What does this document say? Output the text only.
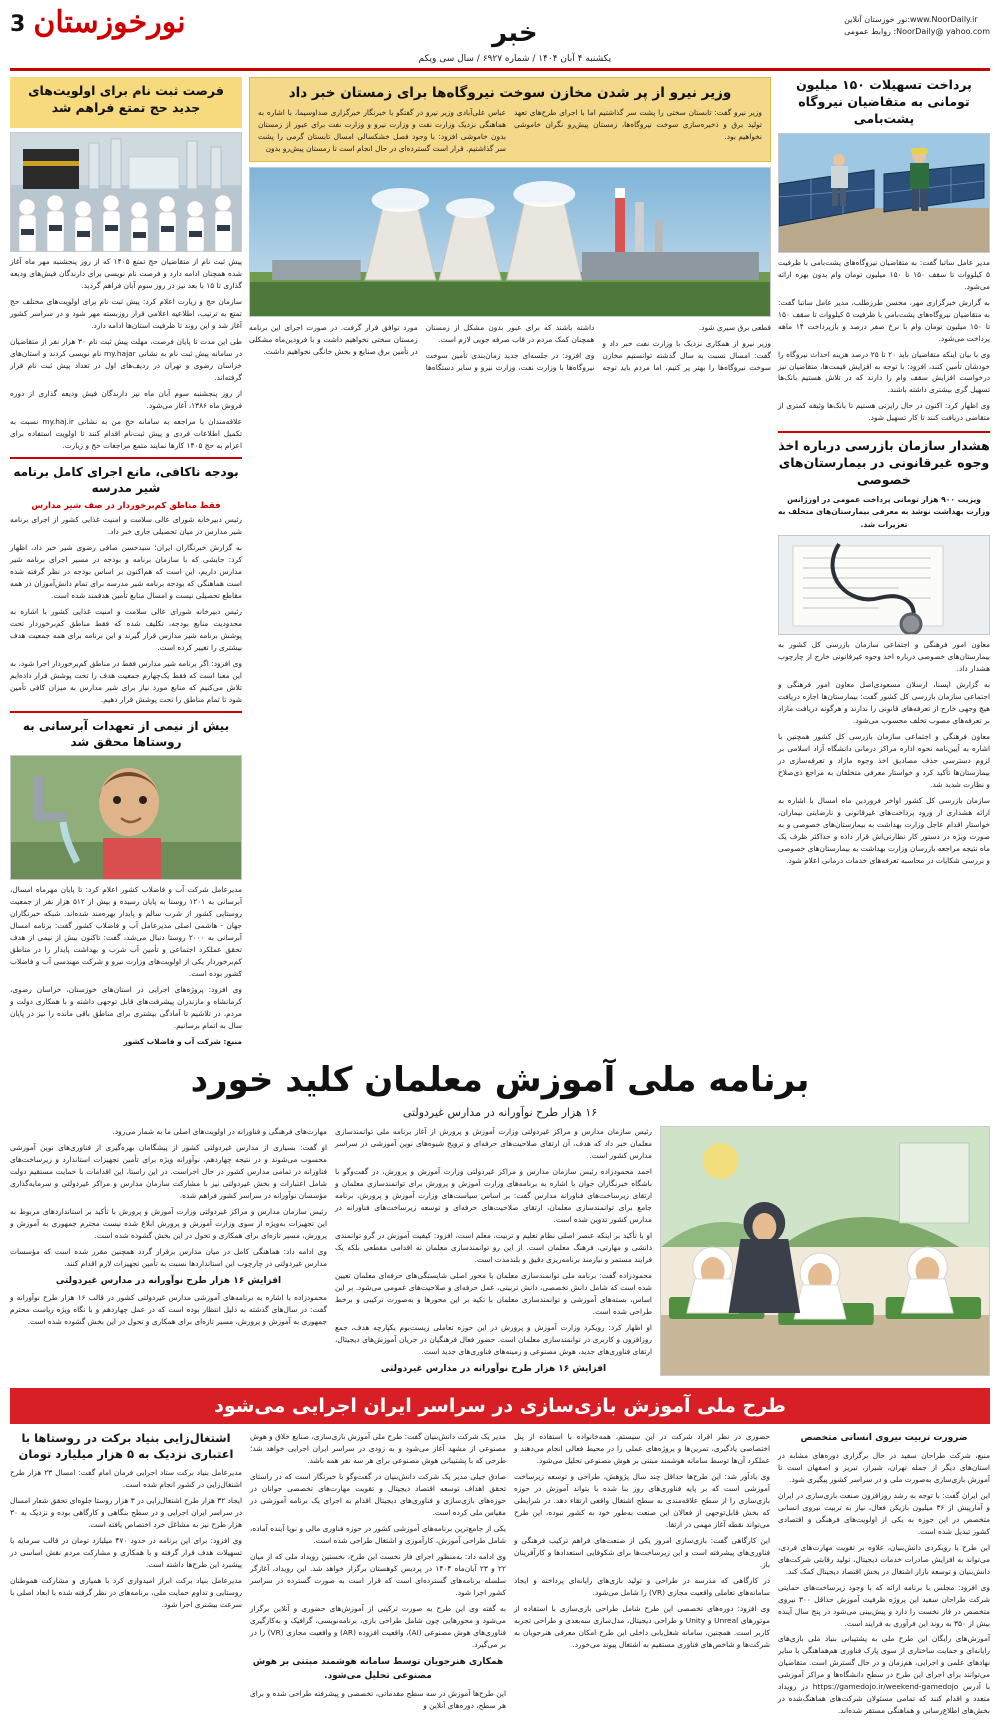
نور خوزستان آنلاین:www.NoorDaily.ir
روابط عمومی :NoorDaily@ yahoo.com
خبر
یکشنبه ۴ آبان ۱۴۰۴ / شماره ۶۹۲۷ / سال سی ویکم
نورخوزستان
3
وزیر نیرو از پر شدن مخازن سوخت نیروگاه‌ها برای زمستان خبر داد

وزیر نیرو گفت: تابستان سختی را پشت سر گذاشتیم اما با اجرای طرح‌های تعهد تولید برق و ذخیره‌سازی سوخت نیروگاه‌ها، زمستان پیش‌رو نگران خاموشی نخواهیم بود.

عباس علی‌آبادی وزیر نیرو در گفتگو با خبرنگار خبرگزاری صداوسیما، با اشاره به هماهنگی نزدیک وزارت نفت و وزارت نیرو و وزارت نفت برای عبور از زمستان بدون خاموشی افزود: با وجود فصل خشکسالی امسال تابستان گرمی را پشت سر گذاشتیم. قرار است گسترده‌ای در حال انجام است تا زمستان پیش‌رو بدون

قطعی برق سیری شود.

وزیر نیرو از همکاری نزدیک با وزارت نفت خبر داد و گفت: امسال نسبت به سال گذشته توانستیم مخازن سوخت نیروگاه‌ها را بهتر پر کنیم، اما مردم باید توجه داشته باشند که برای عبور بدون مشکل از زمستان همچنان کمک مردم در قاب صرفه جویی لازم است.

وی افزود: در جلسه‌ای جدید زمان‌بندی تأمین سوخت نیروگاه‌ها با وزارت نفت، وزارت نیرو و سایر دستگاه‌ها مورد توافق قرار گرفت. در صورت اجرای این برنامه زمستان سختی نخواهیم داشت و با فرودین‌ماه مشکلی در تأمین برق صنایع و بخش خانگی نخواهیم داشت.

پرداخت تسهیلات ۱۵۰ میلیون تومانی به متقاضیان نیروگاه پشت‌بامی

مدیر عامل ساتبا گفت: به متقاضیان نیروگاه‌های پشت‌بامی با ظرفیت ۵ کیلووات تا سقف ۱۵۰ تا ۱۵۰ میلیون تومان وام بدون بهره ارائه می‌شود.

به گزارش خبرگزاری مهر، محسن طرزطلب، مدیر عامل ساتبا گفت: به متقاضیان نیروگاه‌های پشت‌بامی با ظرفیت ۵ کیلووات تا سقف ۱۵۰ تا ۱۵۰ میلیون تومان وام با نرخ صفر درصد و بازپرداخت ۱۴ ماهه پرداخت می‌شود.

وی با بیان اینکه متقاضیان باید ۲۰ تا ۲۵ درصد هزینه احداث نیروگاه را خودشان تأمین کنند، افزود: با توجه به افزایش قیمت‌ها، متقاضیان نیز درخواست افزایش سقف وام را دارند که در تلاش هستیم بانک‌ها تسهیل گری بیشتری داشته باشند.

وی اظهار کرد: اکنون در حال رایزنی هستیم تا بانک‌ها وثیقه کمتری از متقاضی دریافت کنند تا کار تسهیل شود.

هشدار سازمان بازرسی درباره اخذ وجوه غیرقانونی در بیمارستان‌های خصوصی

ویزیت ۹۰۰ هزار تومانی پرداخت عمومی در اورژانس وزارت بهداشت نوشد به معرفی بیمارستان‌های متخلف به تعزیرات شد.

معاون امور فرهنگی و اجتماعی سازمان بازرسی کل کشور به بیمارستان‌های خصوصی درباره اخذ وجوه غیرقانونی خارج از چارچوب هشدار داد.

به گزارش ایسنا، ارسلان مسعودی‌اصل معاون امور فرهنگی و اجتماعی سازمان بازرسی کل کشور گفت: بیمارستان‌ها اجازه دریافت هیچ وجهی خارج از تعرفه‌های قانونی را ندارند و هرگونه دریافت مازاد بر تعرفه‌های مصوب تخلف محسوب می‌شود.

معاون فرهنگی و اجتماعی سازمان بازرسی کل کشور همچنین با اشاره به آیین‌نامه نحوه اداره مراکز درمانی دانشگاه آزاد اسلامی بر لزوم دسترسی حذف مصادیق اخذ وجوه مازاد و تعرفه‌سازی در بیمارستان‌ها تأکید کرد و خواستار معرفی متخلفان به مراجع ذی‌صلاح و نظارت شدید شد.

سازمان بازرسی کل کشور اواخر فروردین ماه امسال با اشاره به ارائه هشداری از ورود پرداخت‌های غیرقانونی و نارضایتی بیماران، خواستار اقدام عاجل وزارت بهداشت به بیمارستان‌های خصوصی و به صورت ویژه در دستور کار نظارتی‌اش قرار داده و حداکثر ظرف یک ماه نتیجه مراجعه بازرسان وزارت بهداشت به بیمارستان‌های خصوصی و بررسی شکایات در محاسبه تعرفه‌های خدمات درمانی اعلام شود.

فرصت ثبت نام برای اولویت‌های جدید حج تمتع فراهم شد

پیش ثبت نام از متقاضیان حج تمتع ۱۴۰۵ که از روز پنجشنبه مهر ماه آغاز شده همچنان ادامه دارد و فرصت نام نویسی برای دارندگان فیش‌های ودیعه گذاری تا ۱۵ با بعد نیز در روز سوم آبان فراهم گردید.

سازمان حج و زیارت اعلام کرد: پیش ثبت نام برای اولویت‌های مختلف حج تمتع به ترتیب، اطلاعیه اعلامی قرار روزبسته مهر شود و در سراسر کشور آغاز شد و این روند تا ظرفیت استان‌ها ادامه دارد.

طی این مدت تا پایان فرصت، مهلت پیش ثبت نام ۳۰ هزار نفر از متقاضیان در سامانه پیش ثبت نام به نشانی my.hajar نام نویسی کردند و استان‌های خراسان رضوی و تهران در ردیف‌های اول در تعداد پیش ثبت نام قرار گرفته‌اند.

از روز پنجشنبه سوم آبان ماه نیز دارندگان فیش ودیعه گذاری از دوره فروش ماه ۱۳۸۶، آغاز می‌شود.

علاقه‌مندان با مراجعه به سامانه حج من به نشانی my.haj.ir نسبت به تکمیل اطلاعات فردی و پیش ثبت‌نام اقدام کنند تا اولویت استفاده برای اعزام به حج ۱۴۰۵ کارها نمایند متمع مراجعات حج و زیارت.

بودجه ناکافی، مانع اجرای کامل برنامه شیر مدرسه
فقط مناطق کم‌برخوردار در صف شیر مدارس

رئیس دبیرخانه شورای عالی سلامت و امنیت غذایی کشور از اجرای برنامه شیر مدارس در میان تحصیلی جاری خبر داد.

به گزارش خبرنگاران ایران؛ سیدحسن صافی رضوی شیر خبر داد، اظهار کرد: جایشی که با سازمان برنامه و بودجه در مسیر اجرای برنامه شیر مدارس داریم، این است که هم‌اکنون بر اساس بودجه در نظر گرفته شده است هماهنگی که بودجه برنامه شیر مدرسه برای تمام دانش‌آموزان در همه مقاطع تحصیلی نیست و امسال منابع تأمین هدفمند شده است.

رئیس دبیرخانه شورای عالی سلامت و امنیت غذایی کشور با اشاره به محدودیت منابع بودجه، تکلیف شده که فقط مناطق کم‌برخوردار تحت پوشش برنامه شیر مدارس قرار گیرند و این برنامه برای همه جمعیت هدف بیشتری را تغییر کرده است.

وی افزود: اگر برنامه شیر مدارس فقط در مناطق کم‌برخوردار اجرا شود، به این معنا است که فقط یک‌چهارم جمعیت هدف را تحت پوشش قرار داده‌ایم تلاش می‌کنیم که منابع مورد نیاز برای شیر مدارس به میزان کافی تأمین شود تا تمام مناطق را تحت پوشش قرار دهیم.

بیش از نیمی از تعهدات آبرسانی به روستاها محقق شد

مدیرعامل شرکت آب و فاضلاب کشور اعلام کرد: تا پایان مهرماه امسال، آبرسانی به ۱۲۰۱ روستا به پایان رسیده و بیش از ۵۱۲ هزار نفر از جمعیت روستایی کشور از شرب سالم و پایدار بهره‌مند شده‌اند. شبکه خبرنگاران جهان - هاشمی اصلی مدیرعامل آب و فاضلاب کشور گفت: برنامه امسال آبرسانی به ۲۰۰۰ روستا دنبال می‌شد، گفت: تاکنون بیش از نیمی از هدف تحقق عملکرد اجتماعی و تأمین آب شرب و بهداشت پایدار را در مناطق کم‌برخوردار یکی از اولویت‌های وزارت نیرو و شرکت مهندسی آب و فاضلاب کشور بوده است.

وی افزود: پروژه‌های اجرایی در استان‌های خوزستان، خراسان رضوی، کرمانشاه و مازندران پیشرفت‌های قابل توجهی داشته و با همکاری دولت و مردم، در تلاشیم تا آمادگی بیشتری برای مناطق باقی مانده را نیز در پایان سال به اتمام برسانیم.

منبع: شرکت آب و فاضلاب کشور

برنامه ملی آموزش معلمان کلید خورد
۱۶ هزار طرح نوآورانه در مدارس غیردولتی

رئیس سازمان مدارس و مراکز غیردولتی وزارت آموزش و پرورش از آغاز برنامه ملی توانمندسازی معلمان خبر داد که هدف، آن ارتقای صلاحیت‌های حرفه‌ای و ترویج شیوه‌های نوین آموزشی در سراسر مدارس کشور است.

احمد محمودزاده رئیس سازمان مدارس و مراکز غیردولتی وزارت آموزش و پرورش، در گفت‌وگو با باشگاه خبرنگاران جوان با اشاره به برنامه‌های وزارت آموزش و پرورش برای توانمندسازی معلمان و ارتقای زیرساخت‌های فناورانه مدارس گفت: بر اساس سیاست‌های وزارت آموزش و پرورش، برنامه جامع برای توانمندسازی معلمان، ارتقای صلاحیت‌های حرفه‌ای و توسعه زیرساخت‌های فناورانه در مدارس کشور تدوین شده است.

او با تأکید بر اینکه عنصر اصلی نظام تعلیم و تربیت، معلم است، افزود: کیفیت آموزش در گرو توانمندی دانشی و مهارتی، فرهنگ معلمان است. از این رو توانمندسازی معلمان نه اقدامی مقطعی بلکه یک فرایند مستمر و نیازمند برنامه‌ریزی دقیق و بلندمدت است.

محمودزاده گفت: برنامه ملی توانمندسازی معلمان با محور اصلی شایستگی‌های حرفه‌ای معلمان تعیین شده است که شامل دانش تخصصی، دانش تربیتی، عمل حرفه‌ای و صلاحیت‌های عمومی می‌شود. بر این اساس، بسته‌های آموزشی و توانمندسازی معلمان با تکیه بر این محورها و به‌صورت ترکیبی و برخط طراحی شده است.

او اظهار کرد: رویکرد وزارت آموزش و پرورش در این حوزه تعاملی زیست‌بوم یکپارچه هدف، جمع روزافزون و کاربری در توانمندسازی معلمان است. حضور فعال فرهنگیان در جریان آموزش‌های دیجیتال، ارتقای فناوری‌های جدید، هوش مصنوعی و زمینه‌های فناوری‌های جدید است.

افزایش ۱۶ هزار طرح نوآورانه در مدارس غیردولتی

مهارت‌های فرهنگی و فناورانه در اولویت‌های اصلی ما به شمار می‌رود.

او گفت: بسیاری از مدارس غیردولتی کشور از پیشگامان بهره‌گیری از فناوری‌های نوین آموزشی محسوب می‌شوند و در نتیجه چهاردهم، نوآورانه ویژه برای تأمین تجهیزات استاندارد و زیرساخت‌های فناورانه در تمامی مدارس کشور در حال اجراست. در این راستا، این اقدامات با حمایت مستقیم دولت شامل اعتبارات و بخش غیردولتی نیز با مشارکت سازمان مدارس و مراکز غیردولتی و سرمایه‌گذاری مؤسسان نوآورانه در سراسر کشور فراهم شده.

رئیس سازمان مدارس و مراکز غیردولتی وزارت آموزش و پرورش با تأکید بر استانداردهای مربوط به این تجهیزات به‌ویژه از سوی وزارت آموزش و پرورش ابلاغ شده نیست محترم جمهوری به آموزش و پرورش، مسیر تازه‌ای برای همکاری و تحول در این بخش گشوده شده است.

وی ادامه داد: هماهنگی کامل در میان مدارس برقرار گردد همچنین مقرر شده است که مؤسسات مدارس غیردولتی در چارچوب این استانداردها نسبت به تأمین تجهیزات لازم اقدام کنند.

افزایش ۱۶ هزار طرح نوآورانه در مدارس غیردولتی

محمودزاده با اشاره به برنامه‌های آموزشی مدارس غیردولتی کشور در قالب ۱۶ هزار طرح نوآورانه و گفت: در سال‌های گذشته به دلیل انتظار بوده است که در عمل چهاردهم و با نگاه ویژه ریاست محترم جمهوری به آموزش و پرورش، مسیر تازه‌ای برای همکاری و تحول در این بخش گشوده شده است.

طرح ملی آموزش بازی‌سازی در سراسر ایران اجرایی می‌شود

ضرورت تربیت نیروی انسانی متخصص

منبع، شرکت طراحان سفید در حال برگزاری دوره‌های مشابه در استان‌های دیگر از جمله تهران، شیراز، تبریز و اصفهان است تا آموزش بازی‌سازی به‌صورت ملی و در سراسر کشور پیگیری شود.

این ایران گفت: با توجه به رشد روزافزون صنعت بازی‌سازی در ایران و آمارپیش از ۳۶ میلیون بازیکن فعال، نیاز به تربیت نیروی انسانی متخصص در این حوزه به یکی از اولویت‌های فرهنگی و اقتصادی کشور تبدیل شده است.

این طرح با رویکردی دانش‌بنیان، علاوه بر تقویت مهارت‌های فردی، می‌تواند به افزایش صادرات خدمات دیجیتال، تولید رقابتی شرکت‌های دانش‌بنیان و توسعه بازار اشتغال در بخش اقتصاد دیجیتال کمک کند.

وی افزود: مجلس با برنامه ارائه که با وجود زیرساخت‌های حمایتی شرکت طراحان سفید این پروژه ظرفیت آموزش حداقل ۳۰۰ نیروی متخصص در فاز نخست را دارد و پیش‌بینی می‌شود در پنج سال آینده بیش از ۳۵۰ به روند این فرآوری به فرایند است.

آموزش‌های رایگان این طرح ملی به پشتیبانی بنیاد ملی بازی‌های رایانه‌ای و حمایت ساختاری از سوی پارک فناوری هم‌هماهنگی با سایر نهادهای علمی و اجرایی، هم‌زمان و در حال گسترش است. متقاضیان می‌توانند برای اجرای این طرح در سطح دانشگاه‌ها و مراکز آموزشی با آدرس https://gamedojo.ir/weekend-gamedojo در رویداد متعدد و اقدام کنند که تمامی مسئولان شرکت‌های هماهنگ‌شده در بخش‌های اطلاع‌رسانی و هماهنگی مستقر شده‌اند.

حضوری در نظر افراد شرکت در این سیستم، همه‌خانواده با استفاده از پنل اختصاصی یادگیری، تمرین‌ها و پروژه‌های عملی را در محیط فعالی انجام می‌دهند و عملکرد آن‌ها توسط سامانه هوشمند مبتنی بر هوش مصنوعی تحلیل می‌شود.

وی یادآور شد: این طرح‌ها حداقل چند سال پژوهش، طراحی و توسعه زیرساخت آموزشی است که بر پایه فناوری‌های روز بنا شده با بتواند آموزش در حوزه بازی‌سازی را از سطح علاقه‌مندی به سطح اشتغال واقعی ارتقاء دهد. در شرایطی که بخش قابل‌توجهی از فعالان این صنعت به‌طور خود به کشور نبوده، این طرح می‌تواند نقطه آغاز مهمی در ارتقا.

این کارگاهی گفت: بازی‌سازی امروز یکی از صنعت‌های فراهم ترکیب فرهنگی و فناوری‌های پیشرفته است و این زیرساخت‌ها برای شکوفایی استعدادها و کارآفرینان باز.

در کارگاهی که مدرسه در طراحی و تولید بازی‌های رایانه‌ای پرداخته و ایجاد سامانه‌های تعاملی واقعیت مجازی (VR) را شامل می‌شود.

وی افزود: دوره‌های تخصصی این طرح شامل طراحی بازی‌سازی با استفاده از موتورهای Unreal و Unity و طراحی دیجیتال، مدل‌سازی سه‌بعدی و طراحی تجربه کاربر است. همچنین، سامانه شغل‌یابی داخلی این طرح امکان معرفی هنرجویان به شرکت‌ها و شاخص‌های فناوری مستقیم به اشتغال پیوند می‌خورد.

مدیر یک شرکت دانش‌بنیان گفت: طرح ملی آموزش بازی‌سازی، صنایع خلاق و هوش مصنوعی از مشهد آغاز می‌شود و به زودی در سراسر ایران اجرایی خواهد شد؛ طرحی که با پشتیبانی هوش مصنوعی برای هر سه نفر همه باشد.

صادق جیلی مدیر یک شرکت دانش‌بنیان در گفت‌وگو با خبرنگار است که در راستای تحقق اهداف توسعه اقتصاد دیجیتال و تقویت مهارت‌های تخصصی جوانان در حوزه‌های بازی‌سازی و فناوری‌های دیجیتال اقدام به اجرای یک برنامه آموزشی در مقیاس ملی کرده است.

یکی از جامع‌ترین برنامه‌های آموزشی کشور در حوزه فناوری مالی و نوپا آینده آماده، شامل طراحی آموزش، کارآموزی و اشتغال طراحی شده است.

وی ادامه داد: به‌منظور اجرای فاز نخست این طرح، نخستین رویداد ملی که از میان ۲۲ و ۲۳ آبان‌ماه ۱۴۰۴ در پردیس کوهستان برگزار خواهد شد. این رویداد، آغازگر سلسله برنامه‌های گسترده‌ای است که قرار است به صورت گسترده در سراسر کشور اجرا شود.

به گفته وی این طرح به صورت ترکیبی از آموزش‌های حضوری و آنلاین برگزار می‌شود و محورهایی چون شامل طراحی بازی، برنامه‌نویسی، گرافیک و به‌کارگیری فناوری‌های هوش مصنوعی (AI)، واقعیت افزوده (AR) و واقعیت مجازی (VR) را در بر می‌گیرد.

همکاری هنرجویان توسط سامانه هوشمند مبتنی بر هوش مصنوعی تحلیل می‌شود.

این طرح‌ها آموزش در سه سطح مقدماتی، تخصصی و پیشرفته طراحی شده و برای هر سطح، دوره‌های آنلاین و

اشتغال‌زایی بنیاد برکت در روستاها با اعتباری نزدیک به ۵ هزار میلیارد تومان

مدیرعامل بنیاد برکت ستاد اجرایی فرمان امام گفت: امسال ۲۳ هزار طرح اشتغال‌زایی در کشور انجام شده است.

ایجاد ۳۲ هزار طرح اشتغال‌زایی در ۳ هزار روستا جلوه‌ای تحقق شعار امسال در سراسر ایران اجرایی و در سطح بنگاهی و کارگاهی بوده و نزدیک به ۳۰ هزار طرح نیز به مشاغل خرد اختصاص یافته است.

وی افزود: برای این برنامه در حدود ۴۷۰ میلیارد تومان در قالب سرمایه با تسهیلات هدف قرار گرفته و با همکاری و مشارکت مردم نقش اساسی در پیشبرد این طرح‌ها داشته است.

مدیرعامل بنیاد برکت ابراز امیدواری کرد با همیاری و مشارکت هموطنان روستایی و تداوم حمایت ملی، برنامه‌های در نظر گرفته شده با ابعاد اصلی با سرعت بیشتری اجرا شود.
